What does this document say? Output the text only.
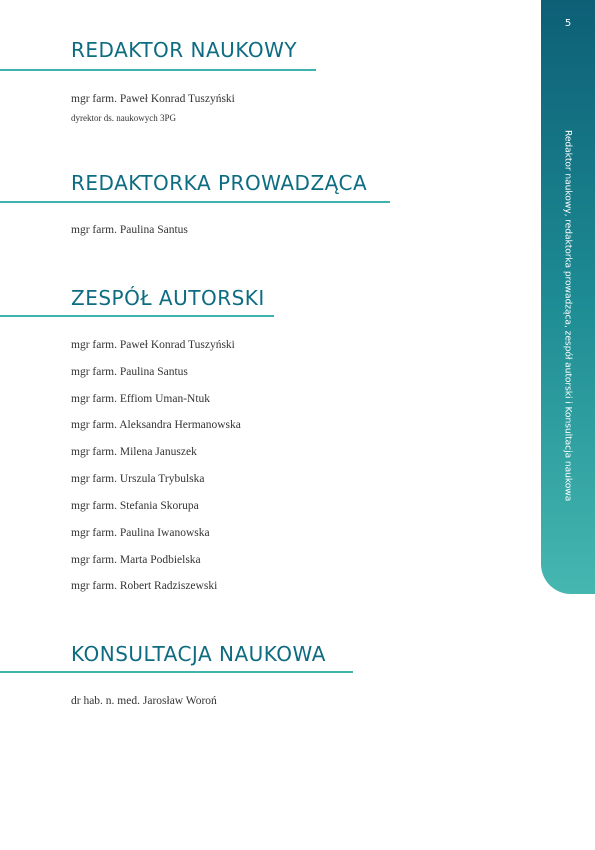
5
Redaktor naukowy, redaktorka prowadząca, zespół autorski i Konsultacja naukowa
REDAKTOR NAUKOWY
mgr farm. Paweł Konrad Tuszyński
dyrektor ds. naukowych 3PG
REDAKTORKA PROWADZĄCA
mgr farm. Paulina Santus
ZESPÓŁ AUTORSKI
mgr farm. Paweł Konrad Tuszyński
mgr farm. Paulina Santus
mgr farm. Effiom Uman-Ntuk
mgr farm. Aleksandra Hermanowska
mgr farm. Milena Januszek
mgr farm. Urszula Trybulska
mgr farm. Stefania Skorupa
mgr farm. Paulina Iwanowska
mgr farm. Marta Podbielska
mgr farm. Robert Radziszewski
KONSULTACJA NAUKOWA
dr hab. n. med. Jarosław Woroń
